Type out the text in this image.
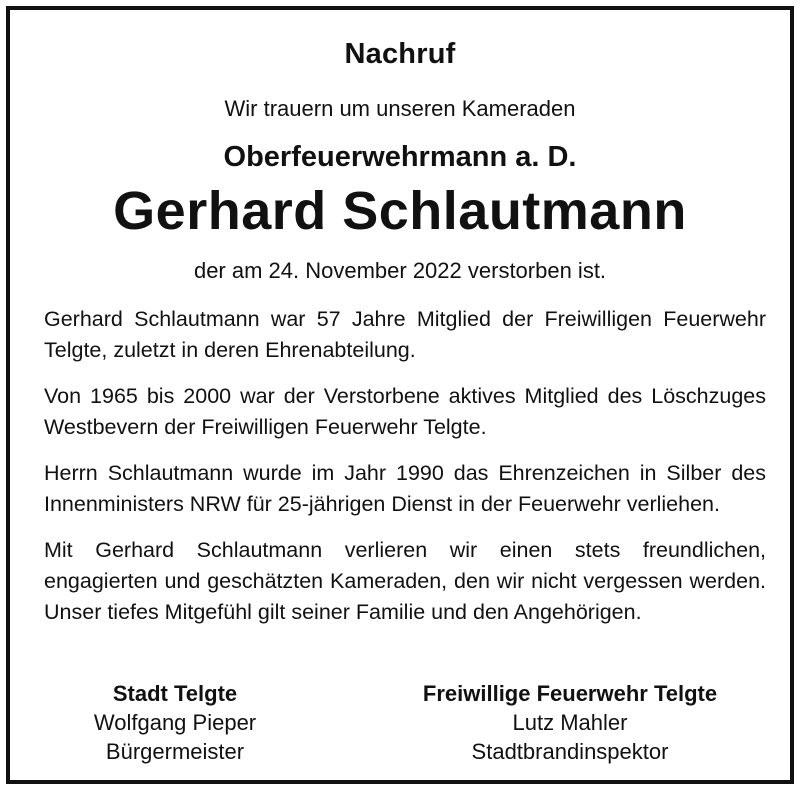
Nachruf
Wir trauern um unseren Kameraden
Oberfeuerwehrmann a. D.
Gerhard Schlautmann
der am 24. November 2022 verstorben ist.

Gerhard Schlautmann war 57 Jahre Mitglied der Freiwilligen Feuerwehr Telgte, zuletzt in deren Ehrenabteilung.

Von 1965 bis 2000 war der Verstorbene aktives Mitglied des Löschzuges Westbevern der Freiwilligen Feuerwehr Telgte.

Herrn Schlautmann wurde im Jahr 1990 das Ehrenzeichen in Silber des Innenministers NRW für 25-jährigen Dienst in der Feuerwehr verliehen.

Mit Gerhard Schlautmann verlieren wir einen stets freundlichen, engagierten und geschätzten Kameraden, den wir nicht vergessen werden. Unser tiefes Mitgefühl gilt seiner Familie und den Angehörigen.

Stadt Telgte
Wolfgang Pieper
Bürgermeister
Freiwillige Feuerwehr Telgte
Lutz Mahler
Stadtbrandinspektor
